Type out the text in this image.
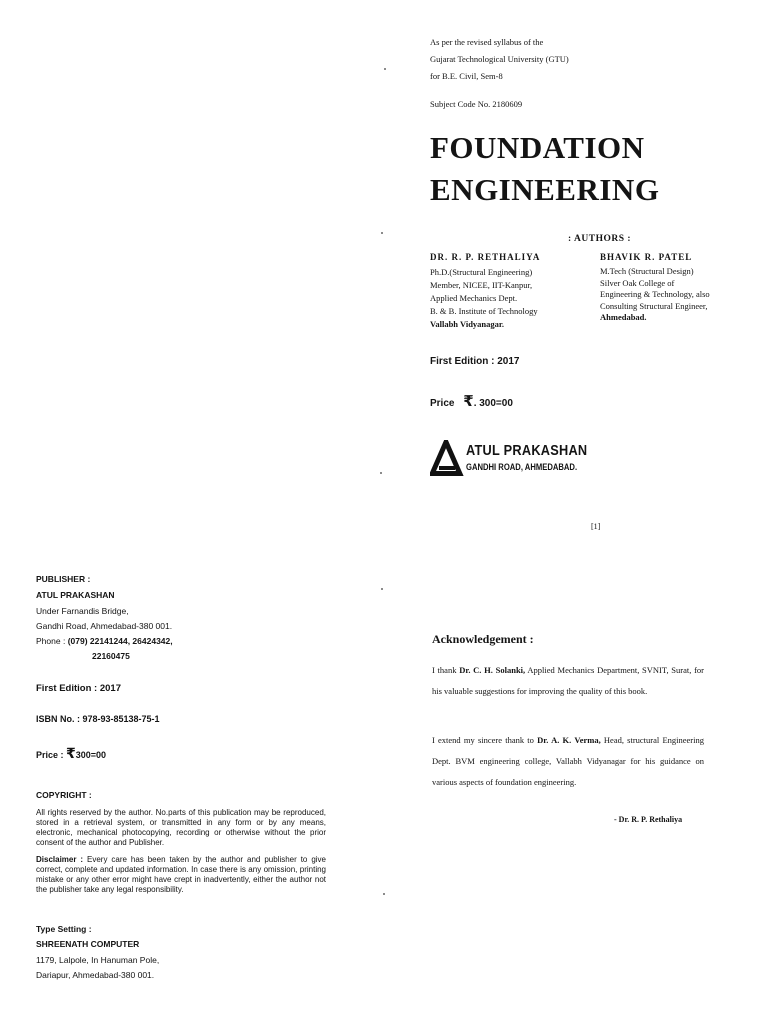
As per the revised syllabus of the
Gujarat Technological University (GTU)
for B.E. Civil, Sem-8
Subject Code No. 2180609
FOUNDATION
ENGINEERING
: AUTHORS :
DR. R. P. RETHALIYA
Ph.D.(Structural Engineering)
Member, NICEE, IIT-Kanpur,
Applied Mechanics Dept.
B. & B. Institute of Technology
Vallabh Vidyanagar.
BHAVIK R. PATEL
M.Tech (Structural Design)
Silver Oak College of
Engineering & Technology, also
Consulting Structural Engineer,
Ahmedabad.
First Edition : 2017
Price ₹. 300=00
ATUL PRAKASHAN
GANDHI ROAD, AHMEDABAD.
[1]
PUBLISHER :
ATUL PRAKASHAN
Under Farnandis Bridge,
Gandhi Road, Ahmedabad-380 001.
Phone : (079) 22141244, 26424342,
22160475
First Edition : 2017
ISBN No. : 978-93-85138-75-1
Price : ₹300=00
COPYRIGHT :
All rights reserved by the author. No.parts of this publication may be reproduced, stored in a retrieval system, or transmitted in any form or by any means, electronic, mechanical photocopying, recording or otherwise without the prior consent of the author and Publisher.
Disclaimer : Every care has been taken by the author and publisher to give correct, complete and updated information. In case there is any omission, printing mistake or any other error might have crept in inadvertently, either the author not the publisher take any legal responsibility.
Type Setting :
SHREENATH COMPUTER
1179, Lalpole, In Hanuman Pole,
Dariapur, Ahmedabad-380 001.
Acknowledgement :
I thank Dr. C. H. Solanki, Applied Mechanics Department, SVNIT, Surat, for his valuable suggestions for improving the quality of this book.
I extend my sincere thank to Dr. A. K. Verma, Head, structural Engineering Dept. BVM engineering college, Vallabh Vidyanagar for his guidance on various aspects of foundation engineering.
- Dr. R. P. Rethaliya
